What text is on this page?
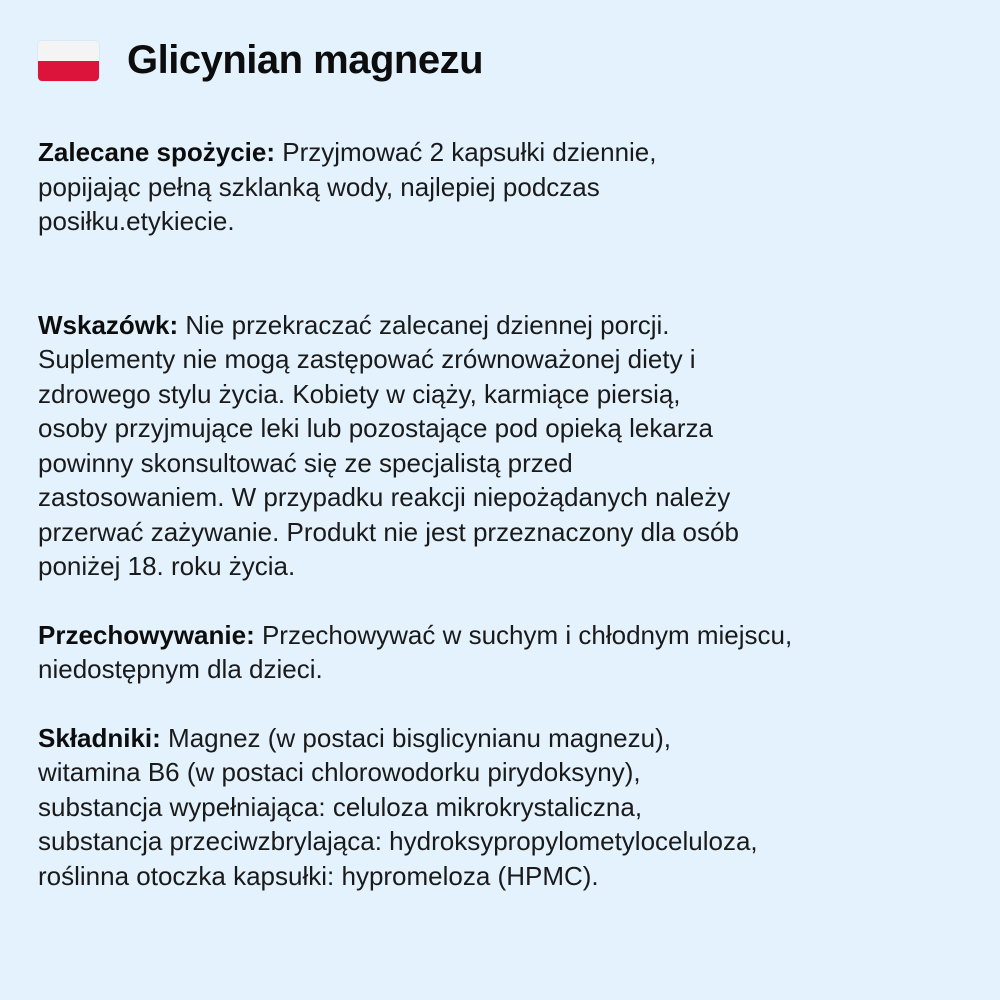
Glicynian magnezu

Zalecane spożycie: Przyjmować 2 kapsułki dziennie,
popijając pełną szklanką wody, najlepiej podczas
posiłku.etykiecie.

Wskazówk: Nie przekraczać zalecanej dziennej porcji.
Suplementy nie mogą zastępować zrównoważonej diety i
zdrowego stylu życia. Kobiety w ciąży, karmiące piersią,
osoby przyjmujące leki lub pozostające pod opieką lekarza
powinny skonsultować się ze specjalistą przed
zastosowaniem. W przypadku reakcji niepożądanych należy
przerwać zażywanie. Produkt nie jest przeznaczony dla osób
poniżej 18. roku życia.

Przechowywanie: Przechowywać w suchym i chłodnym miejscu,
niedostępnym dla dzieci.

Składniki: Magnez (w postaci bisglicynianu magnezu),
witamina B6 (w postaci chlorowodorku pirydoksyny),
substancja wypełniająca: celuloza mikrokrystaliczna,
substancja przeciwzbrylająca: hydroksypropylometyloceluloza,
roślinna otoczka kapsułki: hypromeloza (HPMC).
